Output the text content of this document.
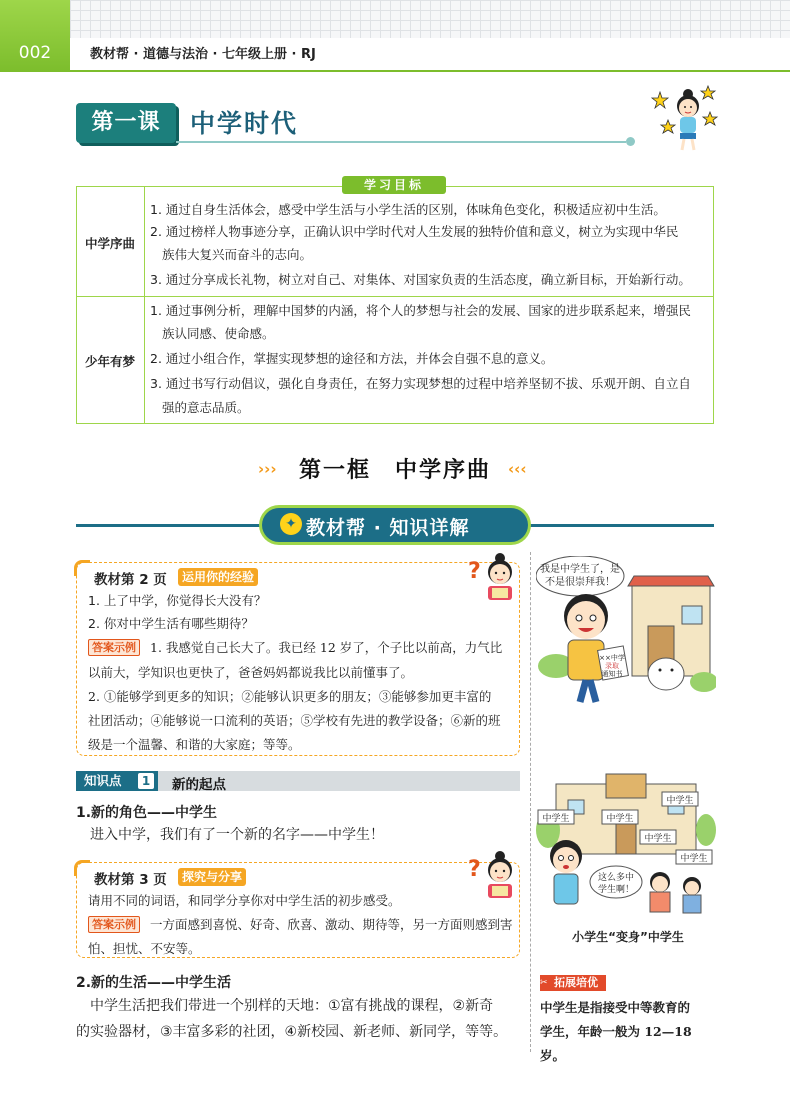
002	教材帮 · 道德与法治 · 七年级上册 · RJ
第一课	中学时代
学习目标
中学序曲
1. 通过自身生活体会，感受中学生活与小学生活的区别，体味角色变化，积极适应初中生活。
2. 通过榜样人物事迹分享，正确认识中学时代对人生发展的独特价值和意义，树立为实现中华民
族伟大复兴而奋斗的志向。
3. 通过分享成长礼物，树立对自己、对集体、对国家负责的生活态度，确立新目标，开始新行动。
少年有梦
1. 通过事例分析，理解中国梦的内涵，将个人的梦想与社会的发展、国家的进步联系起来，增强民
族认同感、使命感。
2. 通过小组合作，掌握实现梦想的途径和方法，并体会自强不息的意义。
3. 通过书写行动倡议，强化自身责任，在努力实现梦想的过程中培养坚韧不拔、乐观开朗、自立自
强的意志品质。
›››	第一框　中学序曲	‹‹‹
✦ 教材帮 · 知识详解
教材第 2 页	运用你的经验	?
1. 上了中学，你觉得长大没有？
2. 你对中学生活有哪些期待？
答案示例	1. 我感觉自己长大了。我已经 12 岁了，个子比以前高，力气比
以前大，学知识也更快了，爸爸妈妈都说我比以前懂事了。
2. ①能够学到更多的知识；②能够认识更多的朋友；③能够参加更丰富的
社团活动；④能够说一口流利的英语；⑤学校有先进的教学设备；⑥新的班
级是一个温馨、和谐的大家庭；等等。
知识点	1 新的起点
1.新的角色——中学生
进入中学，我们有了一个新的名字——中学生！
教材第 3 页	探究与分享	?
请用不同的词语，和同学分享你对中学生活的初步感受。
答案示例	一方面感到喜悦、好奇、欣喜、激动、期待等，另一方面则感到害
怕、担忧、不安等。
2.新的生活——中学生活
中学生活把我们带进一个别样的天地：①富有挑战的课程，②新奇
的实验器材，③丰富多彩的社团，④新校园、新老师、新同学，等等。
我是中学生了，是
不是很崇拜我！
××中学
录取
通知书
中学生	中学生
中学生
中学生
中学生
这么多中
学生啊！
小学生“变身”中学生
拓展培优
✂
中学生是指接受中等教育的
学生，年龄一般为 12—18 岁。
